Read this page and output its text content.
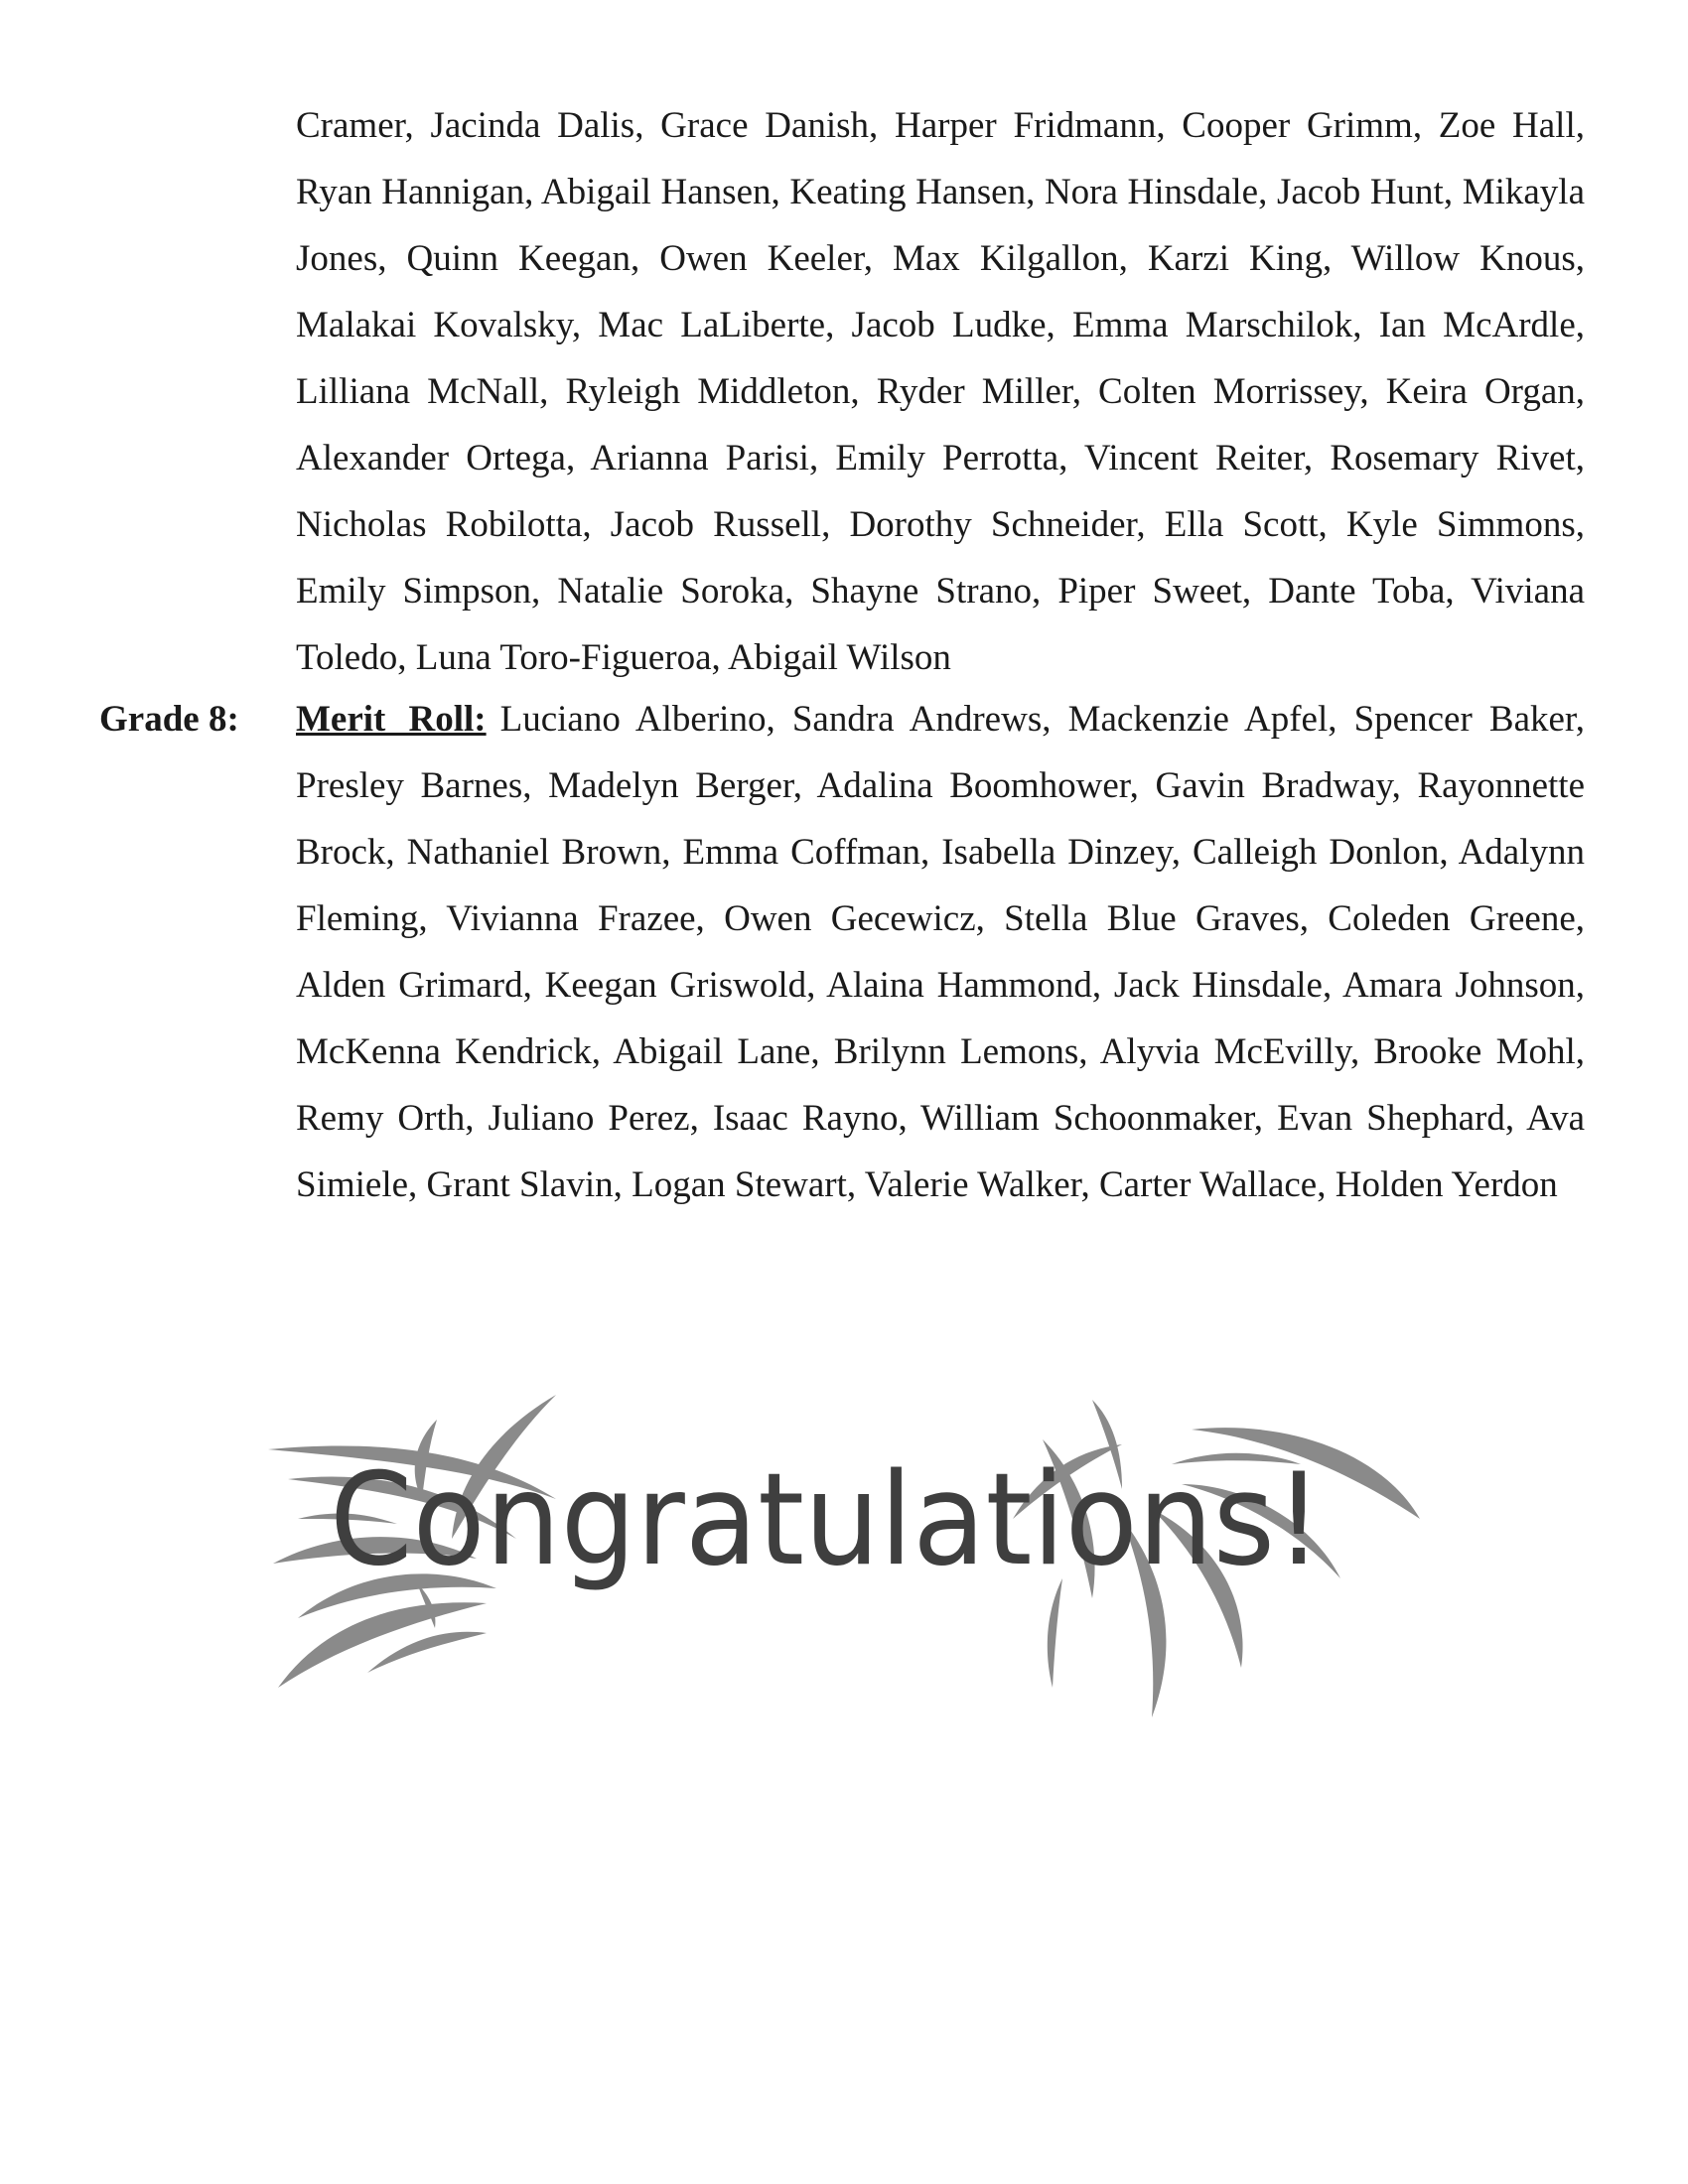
Cramer, Jacinda Dalis, Grace Danish, Harper Fridmann, Cooper Grimm, Zoe Hall, Ryan Hannigan, Abigail Hansen, Keating Hansen, Nora Hinsdale, Jacob Hunt, Mikayla Jones, Quinn Keegan, Owen Keeler, Max Kilgallon, Karzi King, Willow Knous, Malakai Kovalsky, Mac LaLiberte, Jacob Ludke, Emma Marschilok, Ian McArdle, Lilliana McNall, Ryleigh Middleton, Ryder Miller, Colten Morrissey, Keira Organ, Alexander Ortega, Arianna Parisi, Emily Perrotta, Vincent Reiter, Rosemary Rivet, Nicholas Robilotta, Jacob Russell, Dorothy Schneider, Ella Scott, Kyle Simmons, Emily Simpson, Natalie Soroka, Shayne Strano, Piper Sweet, Dante Toba, Viviana Toledo, Luna Toro-Figueroa, Abigail Wilson

Grade 8: Merit Roll: Luciano Alberino, Sandra Andrews, Mackenzie Apfel, Spencer Baker, Presley Barnes, Madelyn Berger, Adalina Boomhower, Gavin Bradway, Rayonnette Brock, Nathaniel Brown, Emma Coffman, Isabella Dinzey, Calleigh Donlon, Adalynn Fleming, Vivianna Frazee, Owen Gecewicz, Stella Blue Graves, Coleden Greene, Alden Grimard, Keegan Griswold, Alaina Hammond, Jack Hinsdale, Amara Johnson, McKenna Kendrick, Abigail Lane, Brilynn Lemons, Alyvia McEvilly, Brooke Mohl, Remy Orth, Juliano Perez, Isaac Rayno, William Schoonmaker, Evan Shephard, Ava Simiele, Grant Slavin, Logan Stewart, Valerie Walker, Carter Wallace, Holden Yerdon

Congratulations!
